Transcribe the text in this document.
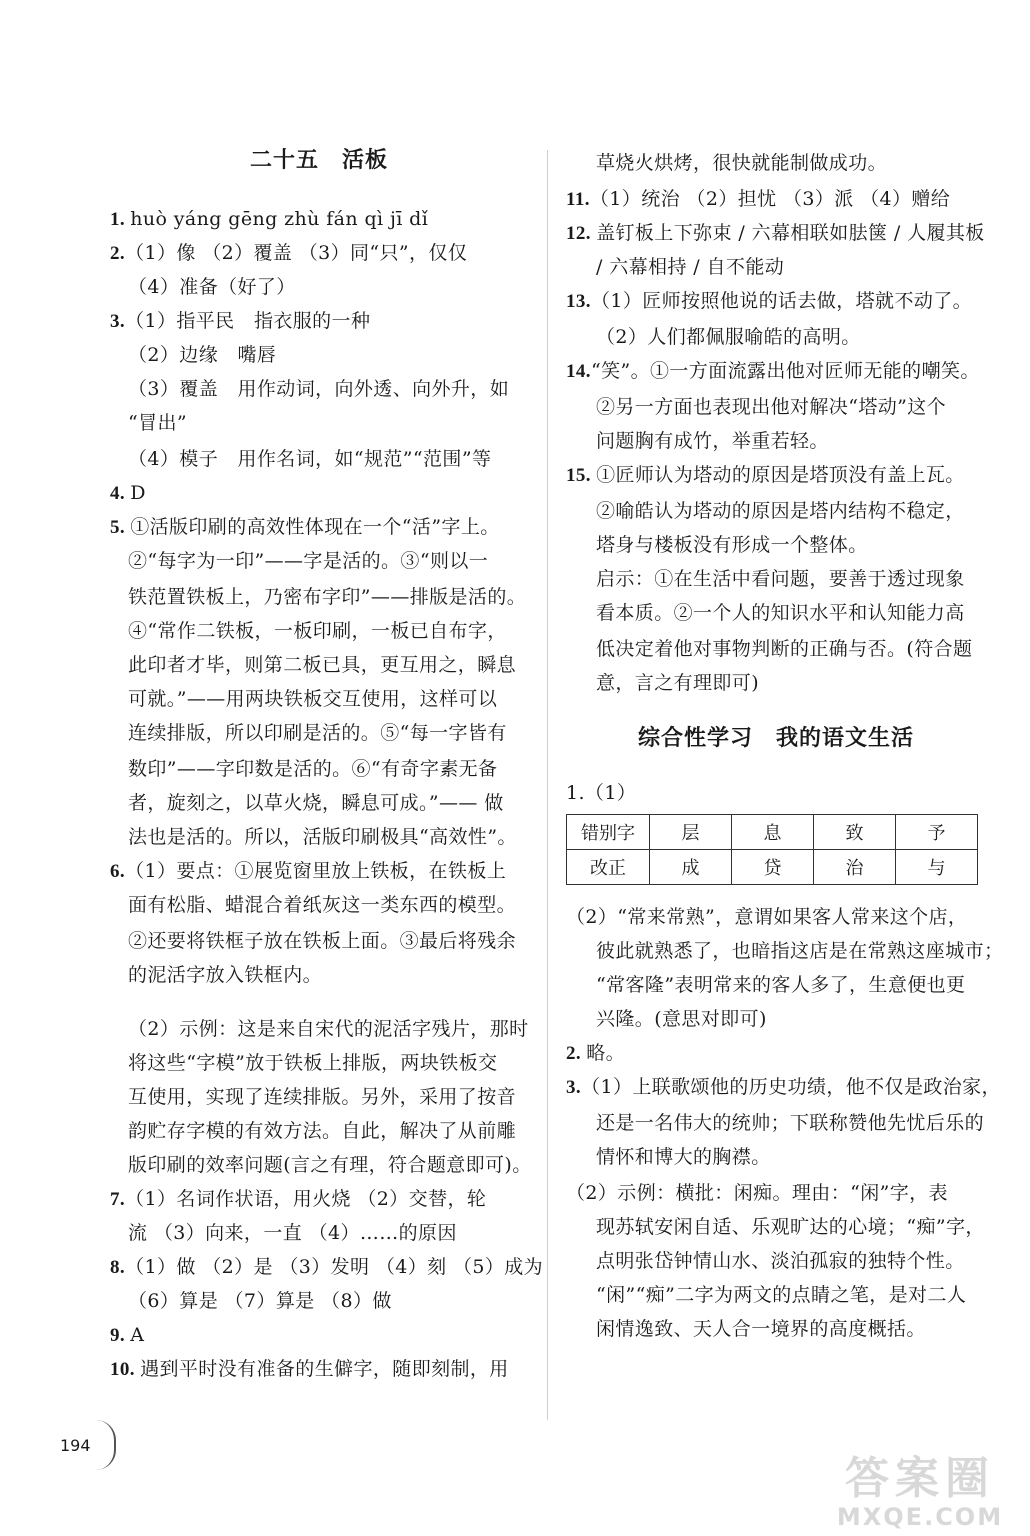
二十五　活板
1. huò yáng gēng zhù fán qì jī dǐ
2.（1）像 （2）覆盖 （3）同“只”，仅仅
（4）准备（好了）
3.（1）指平民　指衣服的一种
（2）边缘　嘴唇
（3）覆盖　用作动词，向外透、向外升，如
“冒出”
（4）模子　用作名词，如“规范”“范围”等
4. D
5. ①活版印刷的高效性体现在一个“活”字上。
②“每字为一印”——字是活的。③“则以一
铁范置铁板上，乃密布字印”——排版是活的。
④“常作二铁板，一板印刷，一板已自布字，
此印者才毕，则第二板已具，更互用之，瞬息
可就。”——用两块铁板交互使用，这样可以
连续排版，所以印刷是活的。⑤“每一字皆有
数印”——字印数是活的。⑥“有奇字素无备
者，旋刻之，以草火烧，瞬息可成。”—— 做
法也是活的。所以，活版印刷极具“高效性”。
6.（1）要点：①展览窗里放上铁板，在铁板上
面有松脂、蜡混合着纸灰这一类东西的模型。
②还要将铁框子放在铁板上面。③最后将残余
的泥活字放入铁框内。
（2）示例：这是来自宋代的泥活字残片，那时
将这些“字模”放于铁板上排版，两块铁板交
互使用，实现了连续排版。另外，采用了按音
韵贮存字模的有效方法。自此，解决了从前雕
版印刷的效率问题(言之有理，符合题意即可)。
7.（1）名词作状语，用火烧 （2）交替，轮
流 （3）向来，一直 （4）……的原因
8.（1）做 （2）是 （3）发明 （4）刻 （5）成为
（6）算是 （7）算是 （8）做
9. A
10. 遇到平时没有准备的生僻字，随即刻制，用
草烧火烘烤，很快就能制做成功。
11.（1）统治 （2）担忧 （3）派 （4）赠给
12. 盖钉板上下弥束 / 六幕相联如胠箧 / 人履其板
/ 六幕相持 / 自不能动
13.（1）匠师按照他说的话去做，塔就不动了。
（2）人们都佩服喻皓的高明。
14.“笑”。①一方面流露出他对匠师无能的嘲笑。
②另一方面也表现出他对解决“塔动”这个
问题胸有成竹，举重若轻。
15. ①匠师认为塔动的原因是塔顶没有盖上瓦。
②喻皓认为塔动的原因是塔内结构不稳定，
塔身与楼板没有形成一个整体。
启示：①在生活中看问题，要善于透过现象
看本质。②一个人的知识水平和认知能力高
低决定着他对事物判断的正确与否。(符合题
意，言之有理即可)
综合性学习　我的语文生活
1.（1）
错别字	层	息	致	予
改正	成	贷	治	与
（2）“常来常熟”，意谓如果客人常来这个店，
彼此就熟悉了，也暗指这店是在常熟这座城市；
“常客隆”表明常来的客人多了，生意便也更
兴隆。(意思对即可)
2. 略。
3.（1）上联歌颂他的历史功绩，他不仅是政治家，
还是一名伟大的统帅；下联称赞他先忧后乐的
情怀和博大的胸襟。
（2）示例：横批：闲痴。理由：“闲”字，表
现苏轼安闲自适、乐观旷达的心境；“痴”字，
点明张岱钟情山水、淡泊孤寂的独特个性。
“闲”“痴”二字为两文的点睛之笔，是对二人
闲情逸致、天人合一境界的高度概括。
194
答案圈
MXQE.COM
